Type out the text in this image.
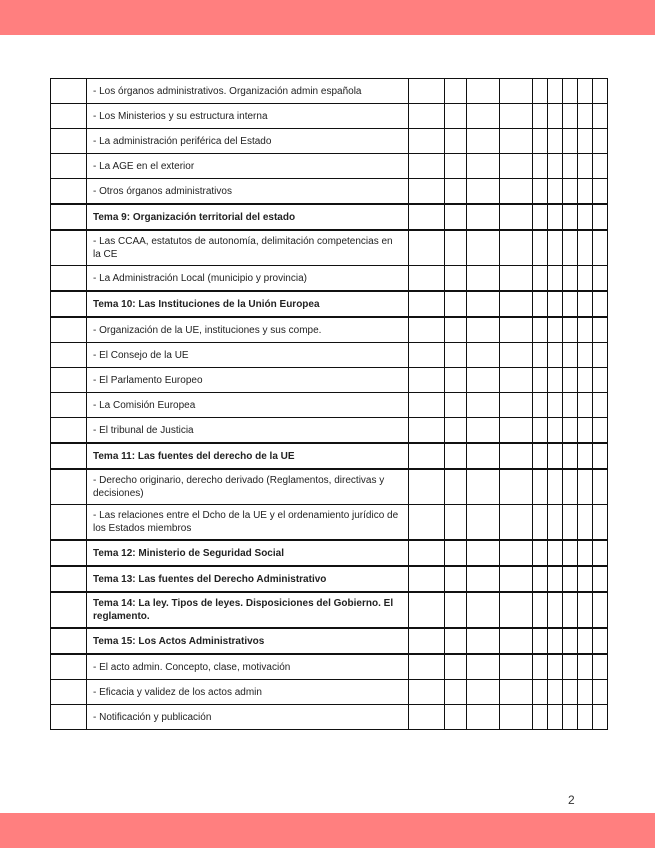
	- Los órganos administrativos. Organización admin española									
	- Los Ministerios y su estructura interna									
	- La administración periférica del Estado									
	- La AGE en el exterior									
	- Otros órganos administrativos									
	Tema 9: Organización territorial del estado									
	- Las CCAA, estatutos de autonomía, delimitación competencias en la CE									
	- La Administración Local (municipio y provincia)									
	Tema 10: Las Instituciones de la Unión Europea									
	- Organización de la UE, instituciones y sus compe.									
	- El Consejo de la UE									
	- El Parlamento Europeo									
	- La Comisión Europea									
	- El tribunal de Justicia									
	Tema 11: Las fuentes del derecho de la UE									
	- Derecho originario, derecho derivado (Reglamentos, directivas y decisiones)									
	- Las relaciones entre el Dcho de la UE y el ordenamiento jurídico de los Estados miembros									
	Tema 12: Ministerio de Seguridad Social									
	Tema 13: Las fuentes del Derecho Administrativo									
	Tema 14: La ley. Tipos de leyes. Disposiciones del Gobierno. El reglamento.									
	Tema 15: Los Actos Administrativos									
	- El acto admin. Concepto, clase, motivación									
	- Eficacia y validez de los actos admin									
	- Notificación y publicación									
2
